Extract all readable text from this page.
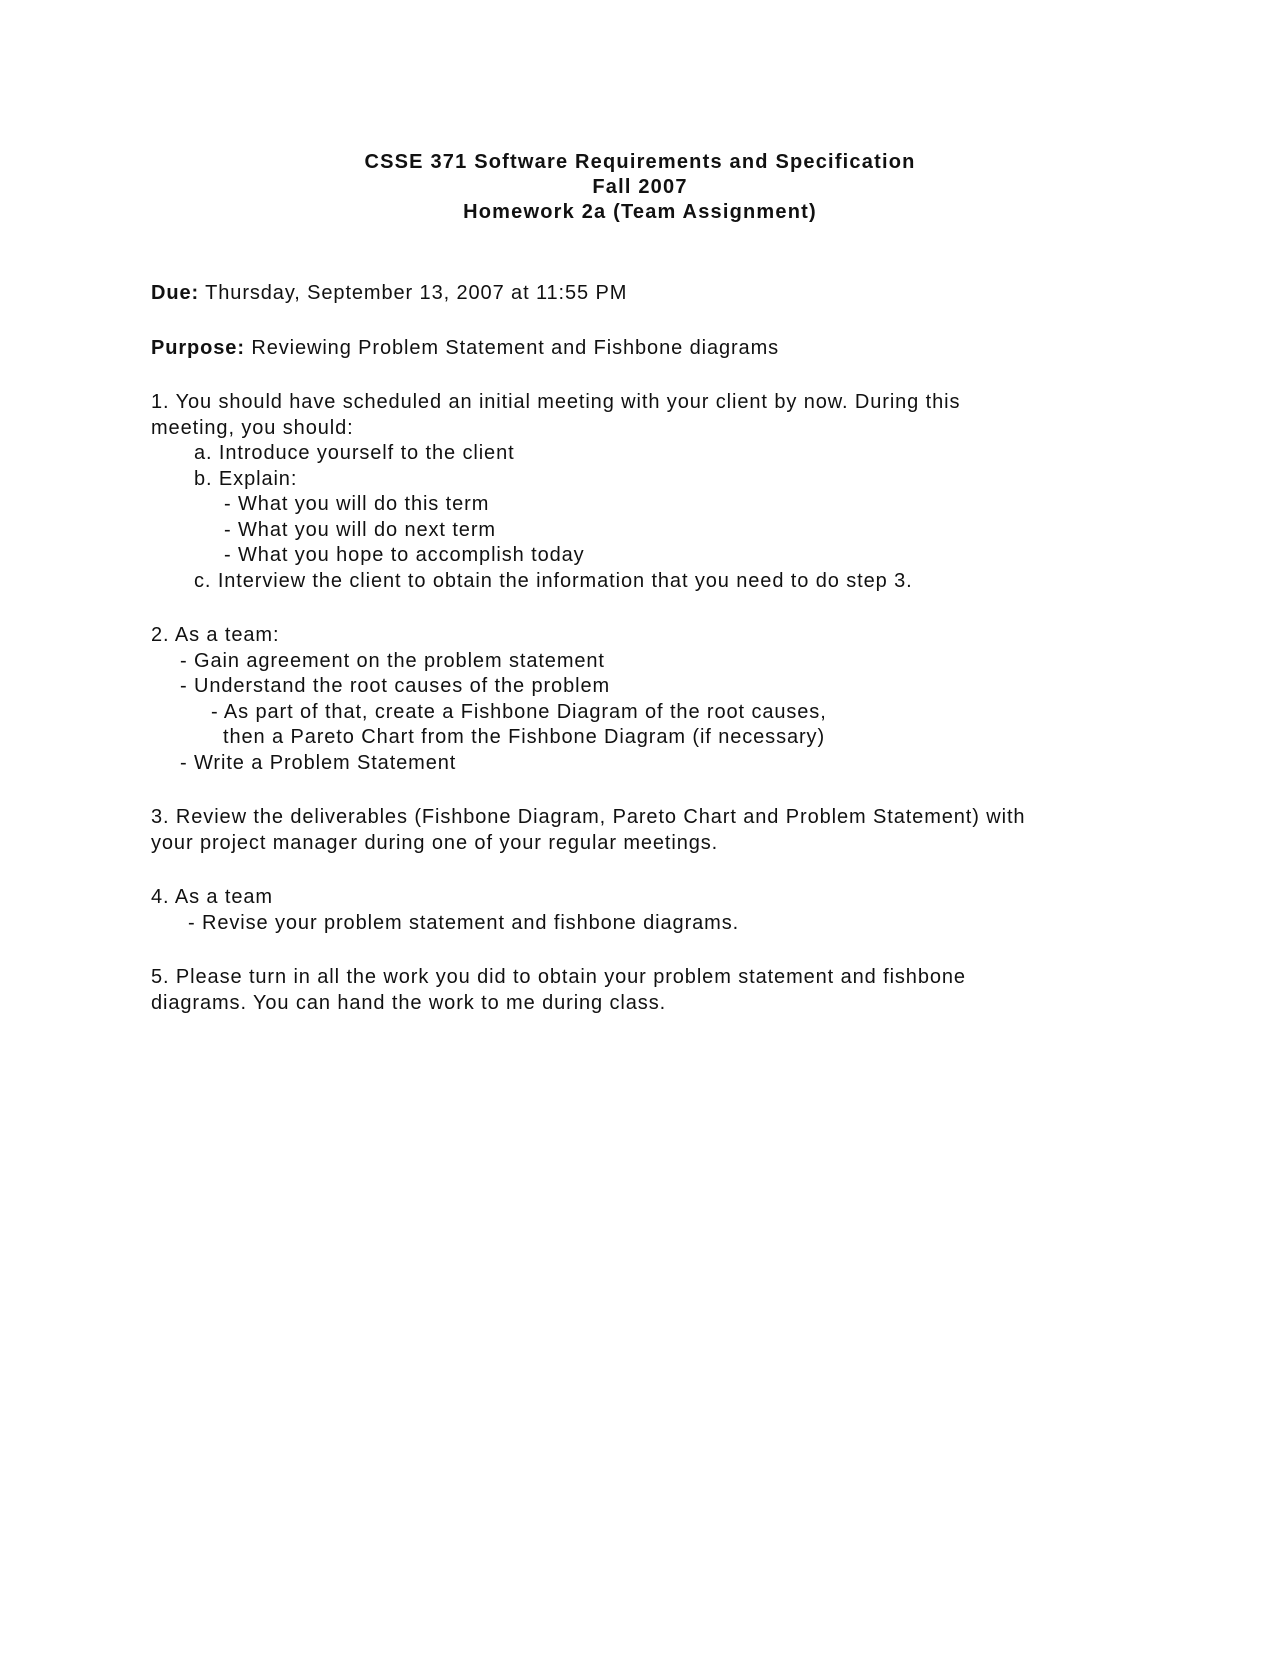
CSSE 371 Software Requirements and Specification
Fall 2007
Homework 2a (Team Assignment)
Due: Thursday, September 13, 2007 at 11:55 PM
Purpose: Reviewing Problem Statement and Fishbone diagrams
1. You should have scheduled an initial meeting with your client by now. During this
meeting, you should:
a. Introduce yourself to the client
b. Explain:
- What you will do this term
- What you will do next term
- What you hope to accomplish today
c. Interview the client to obtain the information that you need to do step 3.
2. As a team:
- Gain agreement on the problem statement
- Understand the root causes of the problem
- As part of that, create a Fishbone Diagram of the root causes,
then a Pareto Chart from the Fishbone Diagram (if necessary)
- Write a Problem Statement
3. Review the deliverables (Fishbone Diagram, Pareto Chart and Problem Statement) with
your project manager during one of your regular meetings.
4. As a team
- Revise your problem statement and fishbone diagrams.
5. Please turn in all the work you did to obtain your problem statement and fishbone
diagrams. You can hand the work to me during class.
